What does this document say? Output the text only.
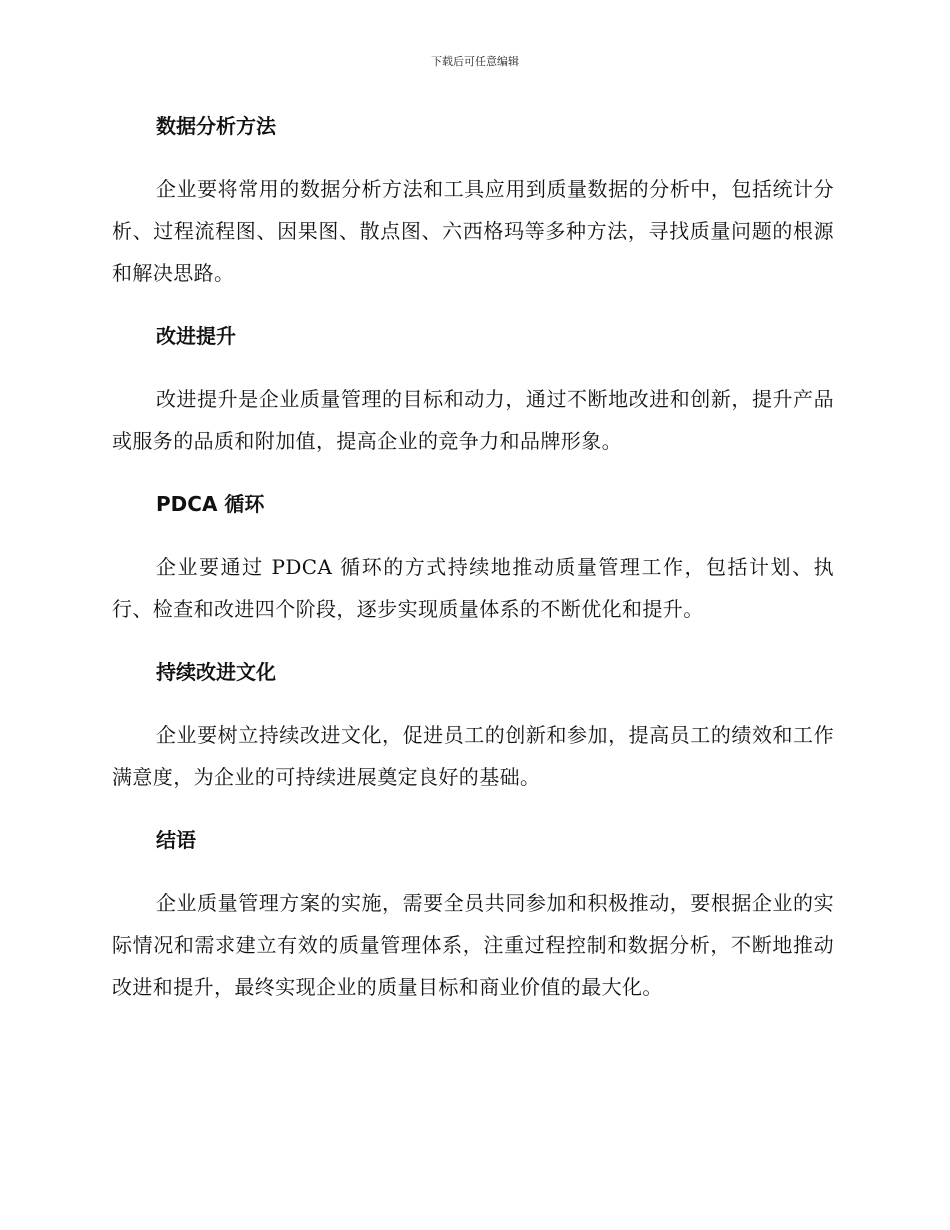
下载后可任意编辑
数据分析方法

企业要将常用的数据分析方法和工具应用到质量数据的分析中，包括统计分析、过程流程图、因果图、散点图、六西格玛等多种方法，寻找质量问题的根源和解决思路。

改进提升

改进提升是企业质量管理的目标和动力，通过不断地改进和创新，提升产品或服务的品质和附加值，提高企业的竞争力和品牌形象。

PDCA 循环

企业要通过 PDCA 循环的方式持续地推动质量管理工作，包括计划、执行、检查和改进四个阶段，逐步实现质量体系的不断优化和提升。

持续改进文化

企业要树立持续改进文化，促进员工的创新和参加，提高员工的绩效和工作满意度，为企业的可持续进展奠定良好的基础。

结语

企业质量管理方案的实施，需要全员共同参加和积极推动，要根据企业的实际情况和需求建立有效的质量管理体系，注重过程控制和数据分析，不断地推动改进和提升，最终实现企业的质量目标和商业价值的最大化。
